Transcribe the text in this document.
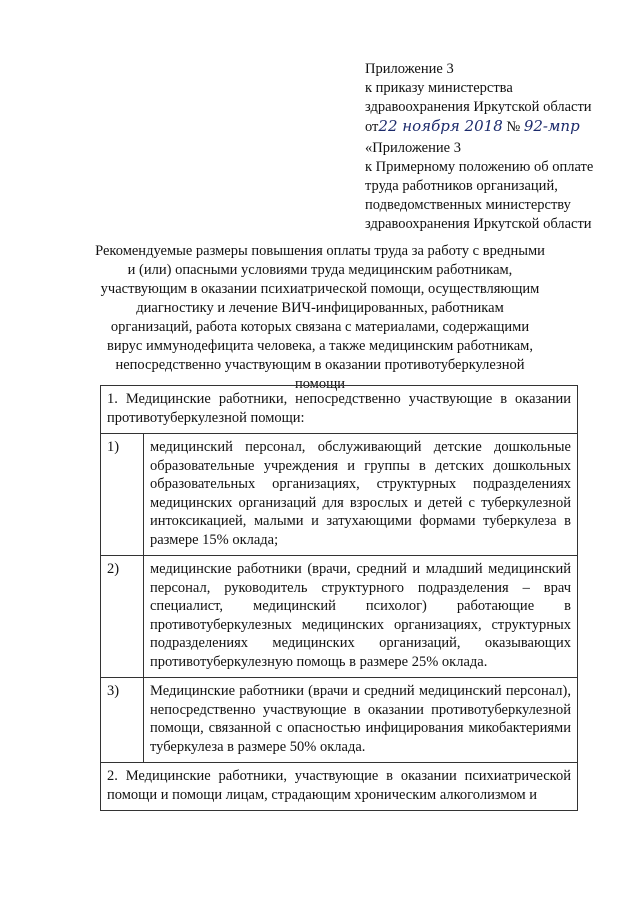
Приложение 3
к приказу министерства
здравоохранения Иркутской области
от22 ноября 2018 № 92-мпр
«Приложение 3
к Примерному положению об оплате
труда работников организаций,
подведомственных министерству
здравоохранения Иркутской области
Рекомендуемые размеры повышения оплаты труда за работу с вредными и (или) опасными условиями труда медицинским работникам, участвующим в оказании психиатрической помощи, осуществляющим диагностику и лечение ВИЧ-инфицированных, работникам организаций, работа которых связана с материалами, содержащими вирус иммунодефицита человека, а также медицинским работникам, непосредственно участвующим в оказании противотуберкулезной помощи
1. Медицинские работники, непосредственно участвующие в оказании противотуберкулезной помощи:	
1)	медицинский персонал, обслуживающий детские дошкольные образовательные учреждения и группы в детских дошкольных образовательных организациях, структурных подразделениях медицинских организаций для взрослых и детей с туберкулезной интоксикацией, малыми и затухающими формами туберкулеза в размере 15% оклада;
2)	медицинские работники (врачи, средний и младший медицинский персонал, руководитель структурного подразделения – врач специалист, медицинский психолог) работающие в противотуберкулезных медицинских организациях, структурных подразделениях медицинских организаций, оказывающих противотуберкулезную помощь в размере 25% оклада.
3)	Медицинские работники (врачи и средний медицинский персонал), непосредственно участвующие в оказании противотуберкулезной помощи, связанной с опасностью инфицирования микобактериями туберкулеза в размере 50% оклада.
2. Медицинские работники, участвующие в оказании психиатрической помощи и помощи лицам, страдающим хроническим алкоголизмом и	
